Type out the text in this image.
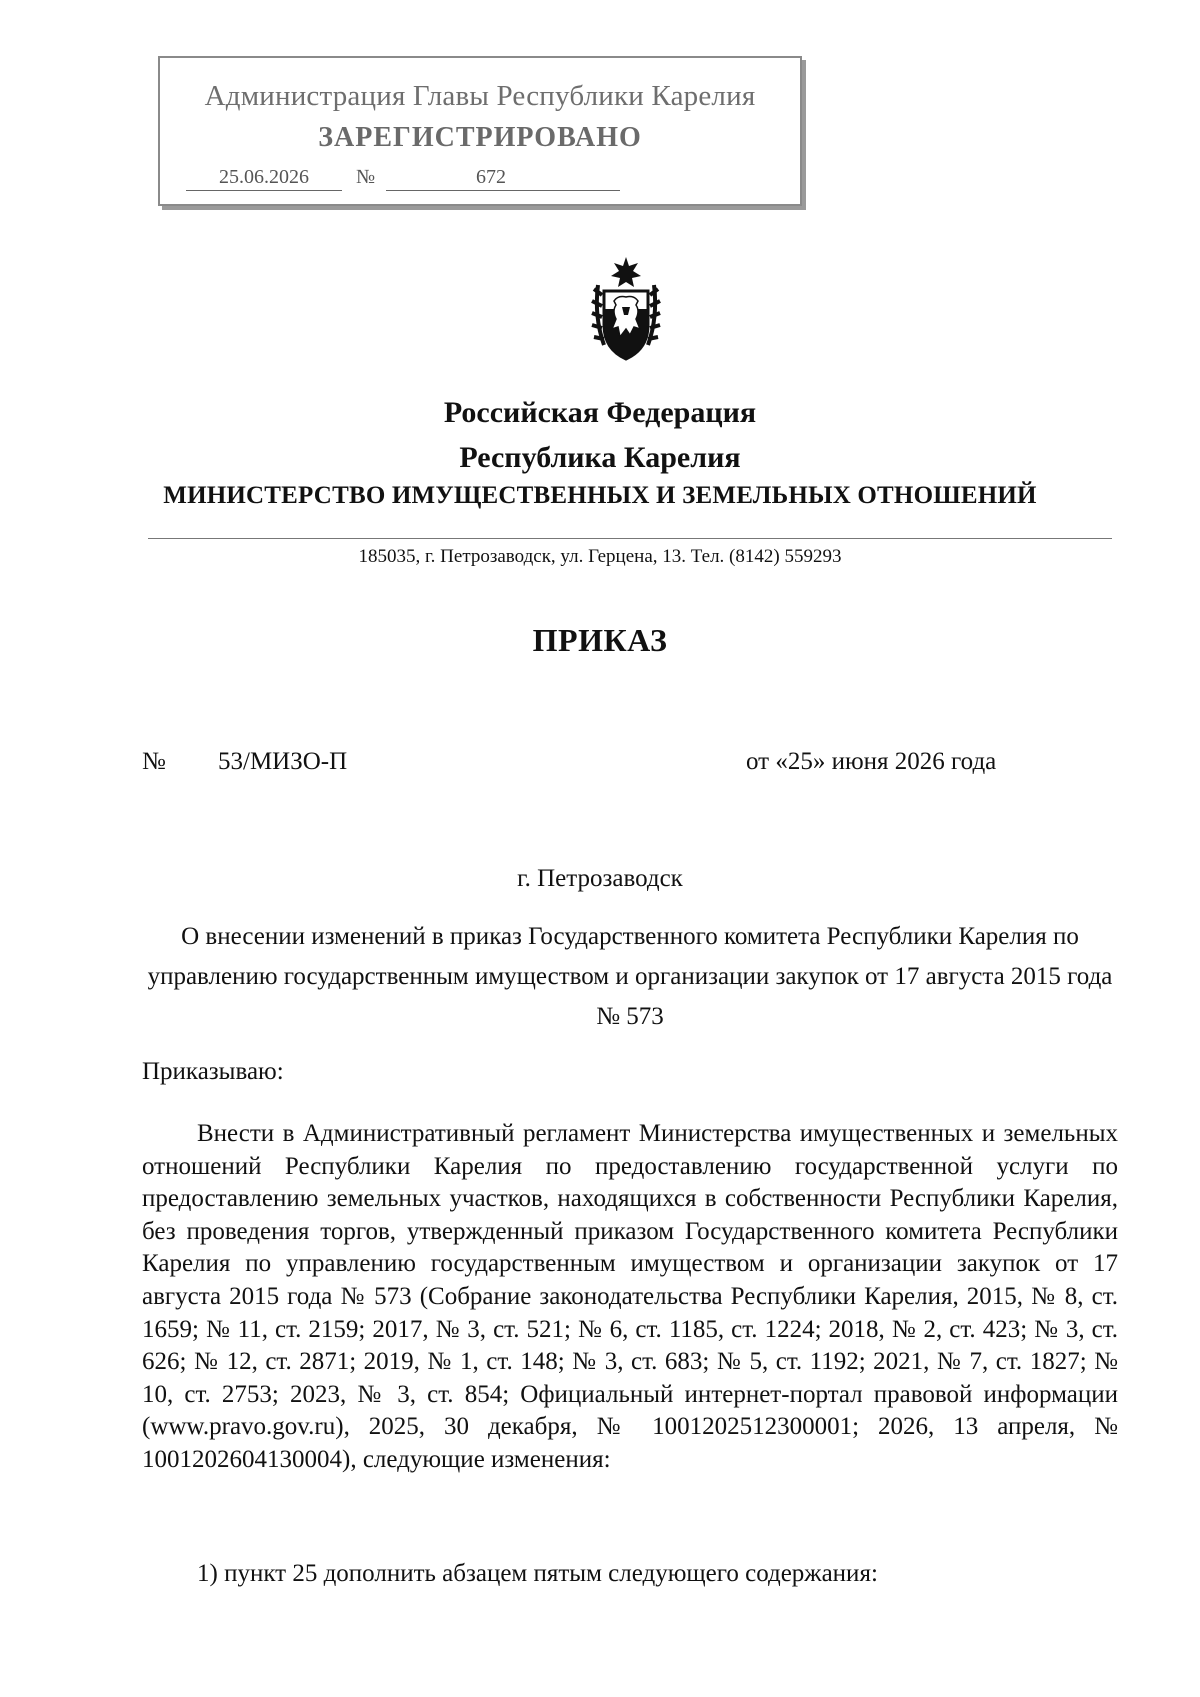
Администрация Главы Республики Карелия
ЗАРЕГИСТРИРОВАНО
25.06.2026	№	672
Российская Федерация
Республика Карелия
МИНИСТЕРСТВО ИМУЩЕСТВЕННЫХ И ЗЕМЕЛЬНЫХ ОТНОШЕНИЙ
185035, г. Петрозаводск, ул. Герцена, 13. Тел. (8142) 559293
ПРИКАЗ
№ 53/МИЗО-П	от «25» июня 2026 года
г. Петрозаводск
О внесении изменений в приказ Государственного комитета Республики Карелия по управлению государственным имуществом и организации закупок от 17 августа 2015 года № 573
Приказываю:
Внести в Административный регламент Министерства имущественных и земельных отношений Республики Карелия по предоставлению государственной услуги по предоставлению земельных участков, находящихся в собственности Республики Карелия, без проведения торгов, утвержденный приказом Государственного комитета Республики Карелия по управлению государственным имуществом и организации закупок от 17 августа 2015 года № 573 (Собрание законодательства Республики Карелия, 2015, № 8, ст. 1659; № 11, ст. 2159; 2017, № 3, ст. 521; № 6, ст. 1185, ст. 1224; 2018, № 2, ст. 423; № 3, ст. 626; № 12, ст. 2871; 2019, № 1, ст. 148; № 3, ст. 683; № 5, ст. 1192; 2021, № 7, ст. 1827; № 10, ст. 2753; 2023, № 3, ст. 854; Официальный интернет-портал правовой информации (www.pravo.gov.ru), 2025, 30 декабря, № 1001202512300001; 2026, 13 апреля, № 1001202604130004), следующие изменения:
1) пункт 25 дополнить абзацем пятым следующего содержания:
